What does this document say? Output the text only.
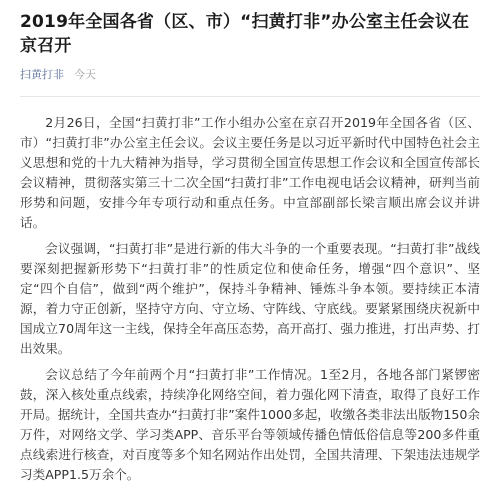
2019年全国各省（区、市）“扫黄打非”办公室主任会议在京召开
扫黄打非 今天

2月26日，全国“扫黄打非”工作小组办公室在京召开2019年全国各省（区、市）“扫黄打非”办公室主任会议。会议主要任务是以习近平新时代中国特色社会主义思想和党的十九大精神为指导，学习贯彻全国宣传思想工作会议和全国宣传部长会议精神，贯彻落实第三十二次全国“扫黄打非”工作电视电话会议精神，研判当前形势和问题，安排今年专项行动和重点任务。中宣部副部长梁言顺出席会议并讲话。

会议强调，“扫黄打非”是进行新的伟大斗争的一个重要表现。“扫黄打非”战线要深刻把握新形势下“扫黄打非”的性质定位和使命任务，增强“四个意识”、坚定“四个自信”，做到“两个维护”，保持斗争精神、锤炼斗争本领。要持续正本清源，着力守正创新，坚持守方向、守立场、守阵线、守底线。要紧紧围绕庆祝新中国成立70周年这一主线，保持全年高压态势，高开高打、强力推进，打出声势、打出效果。

会议总结了今年前两个月“扫黄打非”工作情况。1至2月，各地各部门紧锣密鼓，深入核处重点线索，持续净化网络空间，着力强化网下清查，取得了良好工作开局。据统计，全国共查办“扫黄打非”案件1000多起，收缴各类非法出版物150余万件，对网络文学、学习类APP、音乐平台等领域传播色情低俗信息等200多件重点线索进行核查，对百度等多个知名网站作出处罚，全国共清理、下架违法违规学习类APP1.5万余个。
